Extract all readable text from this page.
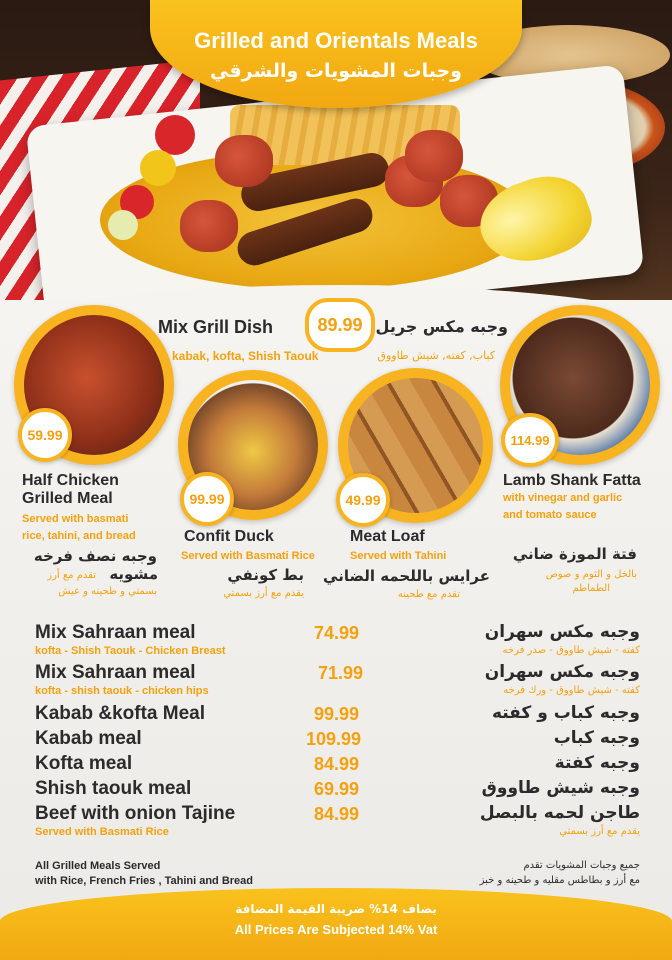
Grilled and Orientals Meals
وجبات المشويات والشرقي
Mix Grill Dish	89.99 وجبه مكس جريل
kabak, kofta, Shish Taouk	كباب, كفته, شيش طاووق
59.99
99.99	49.99
114.99
Half Chicken
Grilled Meal
Served with basmati
rice, tahini, and bread
وجبه نصف فرخه
مشويه
تقدم مع أرز
بسمتي و طحينه و عيش
Confit Duck
Served with Basmati Rice
بط كونفي
يقدم مع أرز بسمتي
Meat Loaf
Served with Tahini
عرايس باللحمه الضاني
تقدم مع طحينه
Lamb Shank Fatta
with vinegar and garlic
and tomato sauce
فتة الموزة ضاني
بالخل و الثوم و صوص
الطماطم
Mix Sahraan meal
kofta - Shish Taouk - Chicken Breast
74.99	وجبه مكس سهران
كفته - شيش طاووق - صدر فرخه
Mix Sahraan meal
kofta - shish taouk - chicken hips
71.99	وجبه مكس سهران
كفته - شيش طاووق - ورك فرخه
Kabab &kofta Meal	99.99	وجبه كباب و كفته
Kabab meal	109.99	وجبه كباب
Kofta meal	84.99	وجبه كفتة
Shish taouk meal	69.99	وجبه شيش طاووق
Beef with onion Tajine
Served with Basmati Rice
84.99	طاجن لحمه بالبصل
يقدم مع أرز بسمتي
All Grilled Meals Served
with Rice, French Fries , Tahini and Bread
جميع وجبات المشويات تقدم
مع أرز و بطاطس مقليه و طحينه و خبز
يضاف 14% ضريبة القيمة المضافة
All Prices Are Subjected 14% Vat
